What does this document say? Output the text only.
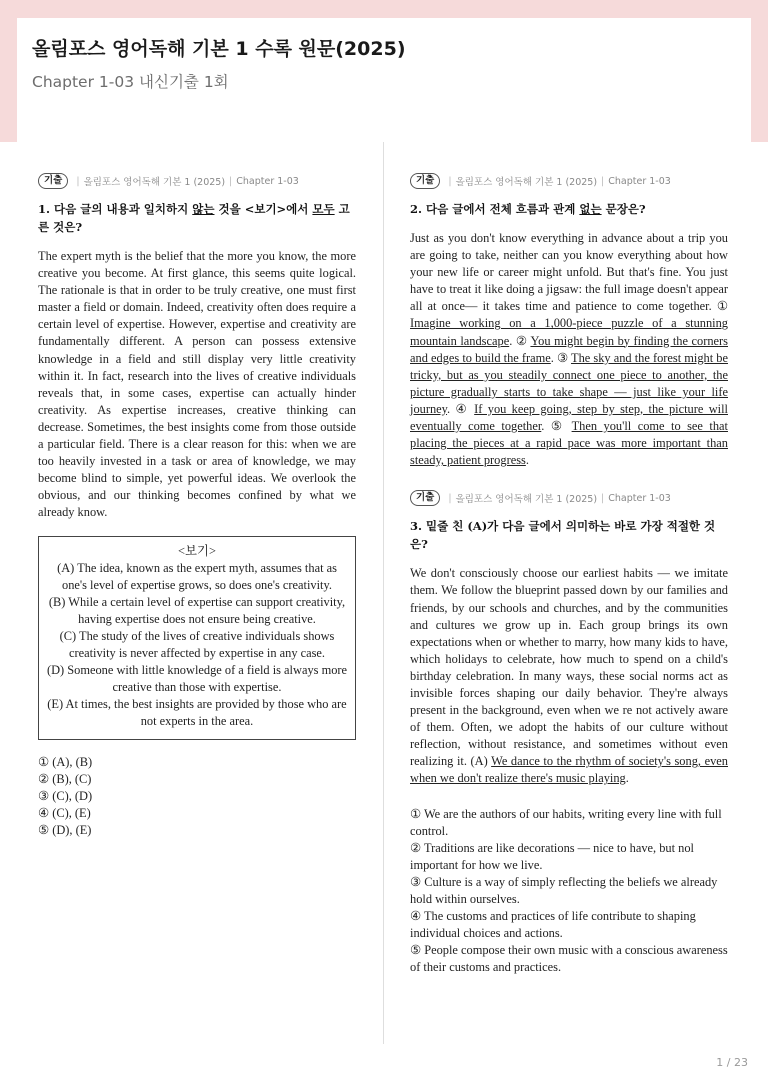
올림포스 영어독해 기본 1 수록 원문(2025)
Chapter 1-03 내신기출 1회
기출	| 올림포스 영어독해 기본 1 (2025) | Chapter 1-03
1. 다음 글의 내용과 일치하지 않는 것을 <보기>에서 모두 고른 것은?
The expert myth is the belief that the more you know, the more creative you become. At first glance, this seems quite logical. The rationale is that in order to be truly creative, one must first master a field or domain. Indeed, creativity often does require a certain level of expertise. However, expertise and creativity are fundamentally different. A person can possess extensive knowledge in a field and still display very little creativity within it. In fact, research into the lives of creative individuals reveals that, in some cases, expertise can actually hinder creativity. As expertise increases, creative thinking can decrease. Sometimes, the best insights come from those outside a particular field. There is a clear reason for this: when we are too heavily invested in a task or area of knowledge, we may become blind to simple, yet powerful ideas. We overlook the obvious, and our thinking becomes confined by what we already know.
<보기>
(A) The idea, known as the expert myth, assumes that as one's level of expertise grows, so does one's creativity.
(B) While a certain level of expertise can support creativity, having expertise does not ensure being creative.
(C) The study of the lives of creative individuals shows creativity is never affected by expertise in any case.
(D) Someone with little knowledge of a field is always more creative than those with expertise.
(E) At times, the best insights are provided by those who are not experts in the area.
① (A), (B)
② (B), (C)
③ (C), (D)
④ (C), (E)
⑤ (D), (E)
기출	| 올림포스 영어독해 기본 1 (2025) | Chapter 1-03
2. 다음 글에서 전체 흐름과 관계 없는 문장은?
Just as you don't know everything in advance about a trip you are going to take, neither can you know everything about how your new life or career might unfold. But that's fine. You just have to treat it like doing a jigsaw: the full image doesn't appear all at once— it takes time and patience to come together. ① Imagine working on a 1,000-piece puzzle of a stunning mountain landscape. ② You might begin by finding the corners and edges to build the frame. ③ The sky and the forest might be tricky, but as you steadily connect one piece to another, the picture gradually starts to take shape — just like your life journey. ④ If you keep going, step by step, the picture will eventually come together. ⑤ Then you'll come to see that placing the pieces at a rapid pace was more important than steady, patient progress.
기출	| 올림포스 영어독해 기본 1 (2025) | Chapter 1-03
3. 밑줄 친 (A)가 다음 글에서 의미하는 바로 가장 적절한 것은?
We don't consciously choose our earliest habits — we imitate them. We follow the blueprint passed down by our families and friends, by our schools and churches, and by the communities and cultures we grow up in. Each group brings its own expectations when or whether to marry, how many kids to have, which holidays to celebrate, how much to spend on a child's birthday celebration. In many ways, these social norms act as invisible forces shaping our daily behavior. They're always present in the background, even when we re not actively aware of them. Often, we adopt the habits of our culture without reflection, without resistance, and sometimes without even realizing it. (A) We dance to the rhythm of society's song, even when we don't realize there's music playing.
① We are the authors of our habits, writing every line with full control.
② Traditions are like decorations — nice to have, but nol important for how we live.
③ Culture is a way of simply reflecting the beliefs we already hold within ourselves.
④ The customs and practices of life contribute to shaping individual choices and actions.
⑤ People compose their own music with a conscious awareness of their customs and practices.
1 / 23
